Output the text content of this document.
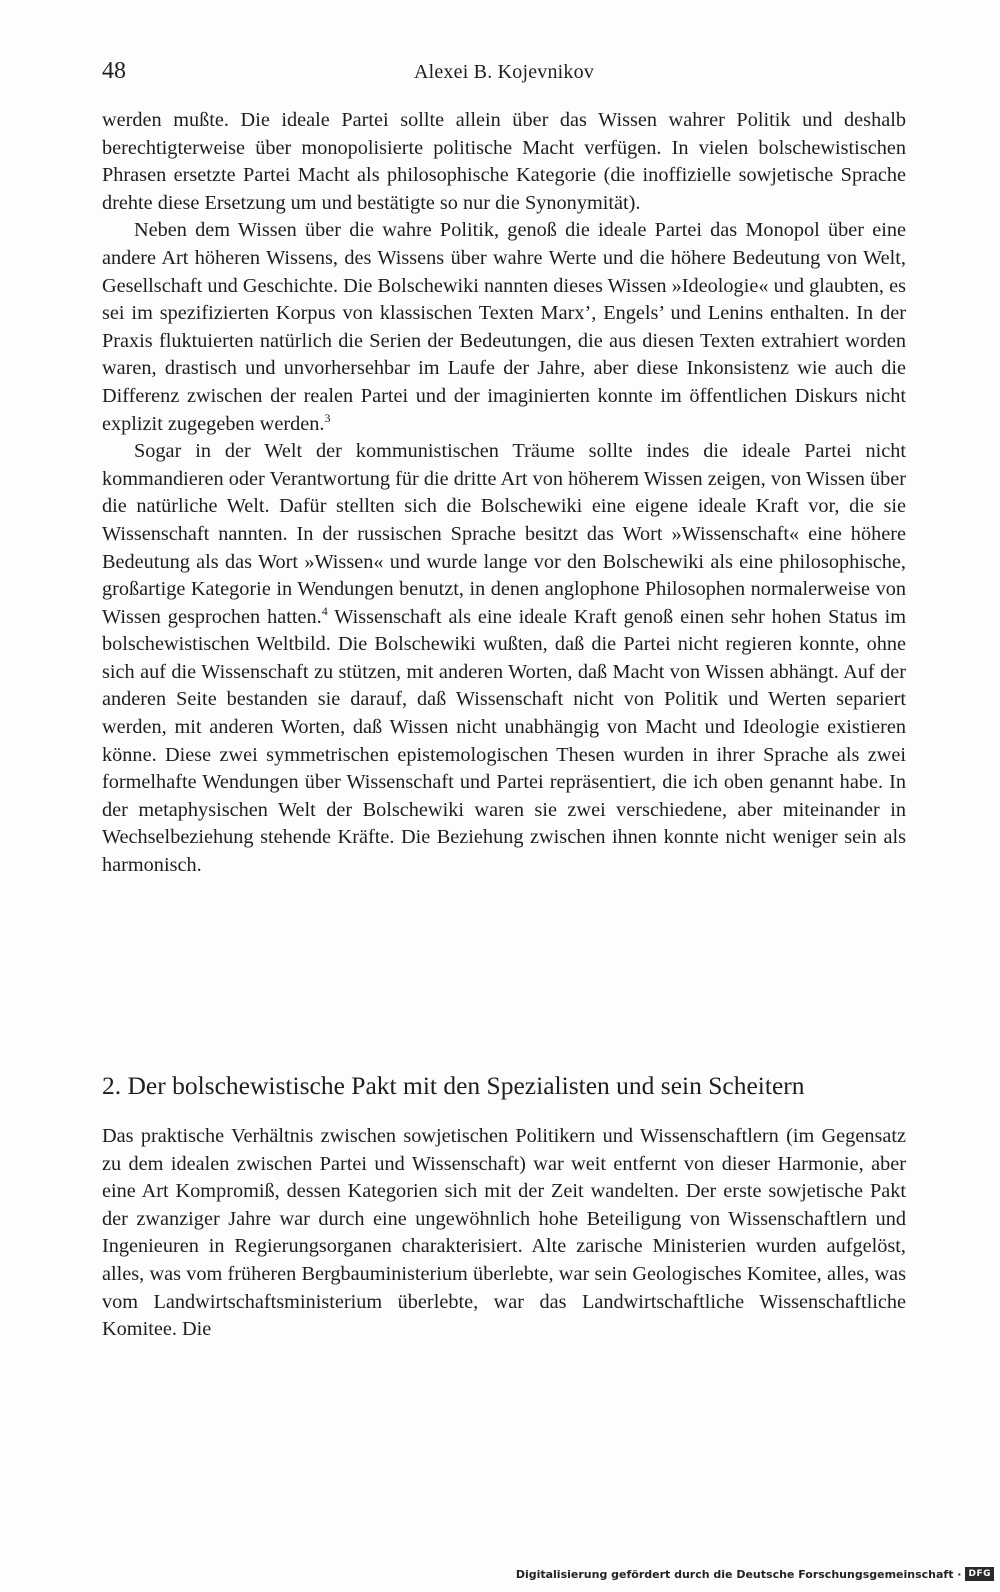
48	Alexei B. Kojevnikov

werden mußte. Die ideale Partei sollte allein über das Wissen wahrer Politik und deshalb berechtigterweise über monopolisierte politische Macht verfügen. In vielen bolschewistischen Phrasen ersetzte Partei Macht als philosophische Kategorie (die inoffizielle sowjetische Sprache drehte diese Ersetzung um und bestätigte so nur die Synonymität).

Neben dem Wissen über die wahre Politik, genoß die ideale Partei das Monopol über eine andere Art höheren Wissens, des Wissens über wahre Werte und die höhere Bedeutung von Welt, Gesellschaft und Geschichte. Die Bolschewiki nannten dieses Wissen »Ideologie« und glaubten, es sei im spezifizierten Korpus von klassischen Texten Marx’, Engels’ und Lenins enthalten. In der Praxis fluktuierten natürlich die Serien der Bedeutungen, die aus diesen Texten extrahiert worden waren, drastisch und unvorhersehbar im Laufe der Jahre, aber diese Inkonsistenz wie auch die Differenz zwischen der realen Partei und der imaginierten konnte im öffentlichen Diskurs nicht explizit zugegeben werden.$^3$

Sogar in der Welt der kommunistischen Träume sollte indes die ideale Partei nicht kommandieren oder Verantwortung für die dritte Art von höherem Wissen zeigen, von Wissen über die natürliche Welt. Dafür stellten sich die Bolschewiki eine eigene ideale Kraft vor, die sie Wissenschaft nannten. In der russischen Sprache besitzt das Wort »Wissenschaft« eine höhere Bedeutung als das Wort »Wissen« und wurde lange vor den Bolschewiki als eine philosophische, großartige Kategorie in Wendungen benutzt, in denen anglophone Philosophen normalerweise von Wissen gesprochen hatten.$^4$ Wissenschaft als eine ideale Kraft genoß einen sehr hohen Status im bolschewistischen Weltbild. Die Bolschewiki wußten, daß die Partei nicht regieren konnte, ohne sich auf die Wissenschaft zu stützen, mit anderen Worten, daß Macht von Wissen abhängt. Auf der anderen Seite bestanden sie darauf, daß Wissenschaft nicht von Politik und Werten separiert werden, mit anderen Worten, daß Wissen nicht unabhängig von Macht und Ideologie existieren könne. Diese zwei symmetrischen epistemologischen Thesen wurden in ihrer Sprache als zwei formelhafte Wendungen über Wissenschaft und Partei repräsentiert, die ich oben genannt habe. In der metaphysischen Welt der Bolschewiki waren sie zwei verschiedene, aber miteinander in Wechselbeziehung stehende Kräfte. Die Beziehung zwischen ihnen konnte nicht weniger sein als harmonisch.

2. Der bolschewistische Pakt mit den Spezialisten und sein Scheitern

Das praktische Verhältnis zwischen sowjetischen Politikern und Wissenschaftlern (im Gegensatz zu dem idealen zwischen Partei und Wissenschaft) war weit entfernt von dieser Harmonie, aber eine Art Kompromiß, dessen Kategorien sich mit der Zeit wandelten. Der erste sowjetische Pakt der zwanziger Jahre war durch eine ungewöhnlich hohe Beteiligung von Wissenschaftlern und Ingenieuren in Regierungsorganen charakterisiert. Alte zarische Ministerien wurden aufgelöst, alles, was vom früheren Bergbauministerium überlebte, war sein Geologisches Komitee, alles, was vom Landwirtschaftsministerium überlebte, war das Landwirtschaftliche Wissenschaftliche Komitee. Die

Digitalisierung gefördert durch die Deutsche Forschungsgemeinschaft · DFG
